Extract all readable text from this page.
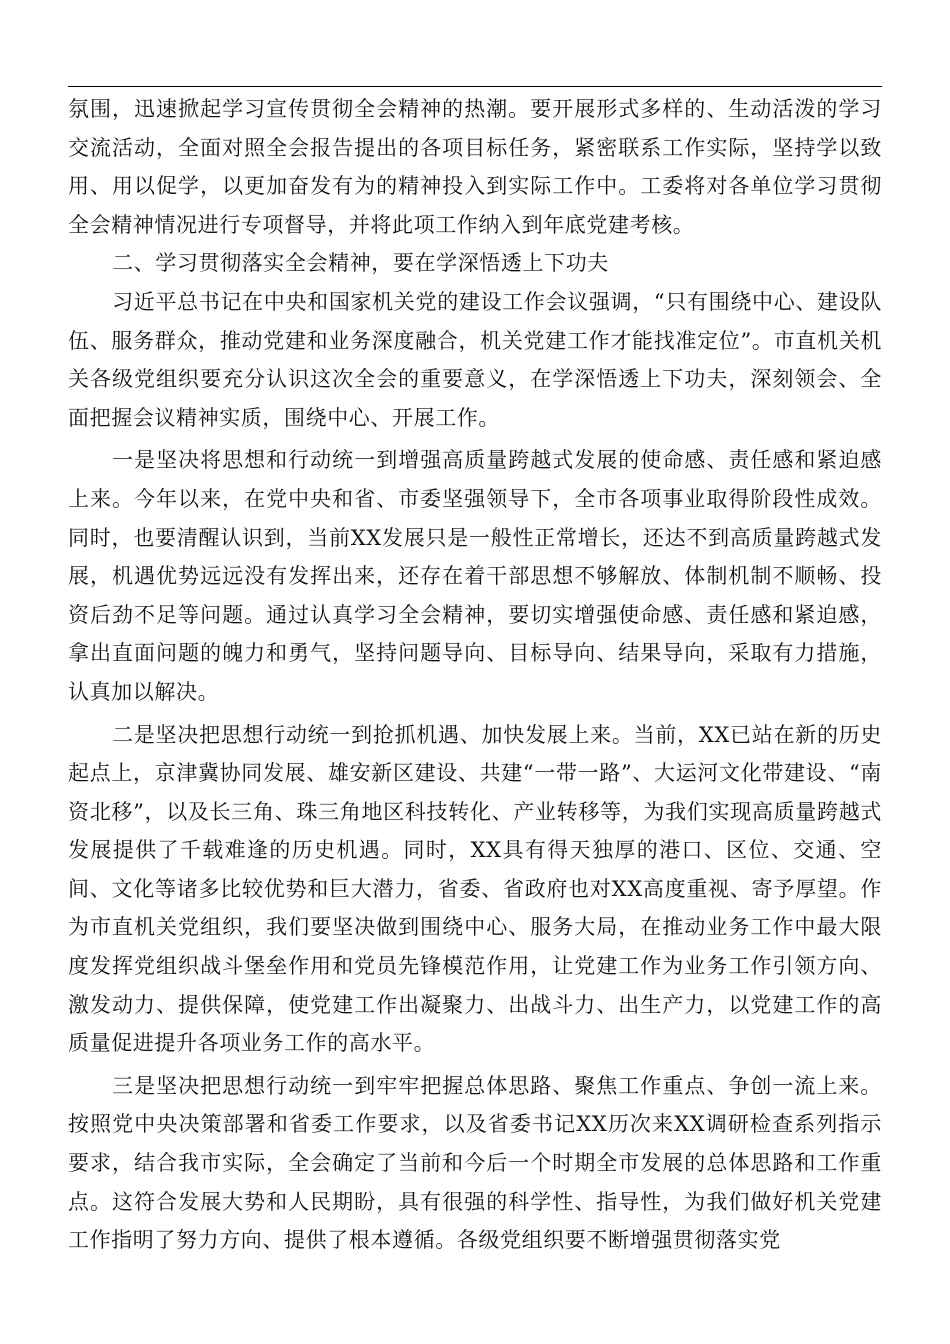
氛围，迅速掀起学习宣传贯彻全会精神的热潮。要开展形式多样的、生动活泼的学习交流活动，全面对照全会报告提出的各项目标任务，紧密联系工作实际，坚持学以致用、用以促学，以更加奋发有为的精神投入到实际工作中。工委将对各单位学习贯彻全会精神情况进行专项督导，并将此项工作纳入到年底党建考核。

二、学习贯彻落实全会精神，要在学深悟透上下功夫

习近平总书记在中央和国家机关党的建设工作会议强调，“只有围绕中心、建设队伍、服务群众，推动党建和业务深度融合，机关党建工作才能找准定位”。市直机关机关各级党组织要充分认识这次全会的重要意义，在学深悟透上下功夫，深刻领会、全面把握会议精神实质，围绕中心、开展工作。

一是坚决将思想和行动统一到增强高质量跨越式发展的使命感、责任感和紧迫感上来。今年以来，在党中央和省、市委坚强领导下，全市各项事业取得阶段性成效。同时，也要清醒认识到，当前XX发展只是一般性正常增长，还达不到高质量跨越式发展，机遇优势远远没有发挥出来，还存在着干部思想不够解放、体制机制不顺畅、投资后劲不足等问题。通过认真学习全会精神，要切实增强使命感、责任感和紧迫感，拿出直面问题的魄力和勇气，坚持问题导向、目标导向、结果导向，采取有力措施，认真加以解决。

二是坚决把思想行动统一到抢抓机遇、加快发展上来。当前，XX已站在新的历史起点上，京津冀协同发展、雄安新区建设、共建“一带一路”、大运河文化带建设、“南资北移”，以及长三角、珠三角地区科技转化、产业转移等，为我们实现高质量跨越式发展提供了千载难逢的历史机遇。同时，XX具有得天独厚的港口、区位、交通、空间、文化等诸多比较优势和巨大潜力，省委、省政府也对XX高度重视、寄予厚望。作为市直机关党组织，我们要坚决做到围绕中心、服务大局，在推动业务工作中最大限度发挥党组织战斗堡垒作用和党员先锋模范作用，让党建工作为业务工作引领方向、激发动力、提供保障，使党建工作出凝聚力、出战斗力、出生产力，以党建工作的高质量促进提升各项业务工作的高水平。

三是坚决把思想行动统一到牢牢把握总体思路、聚焦工作重点、争创一流上来。按照党中央决策部署和省委工作要求，以及省委书记XX历次来XX调研检查系列指示要求，结合我市实际，全会确定了当前和今后一个时期全市发展的总体思路和工作重点。这符合发展大势和人民期盼，具有很强的科学性、指导性，为我们做好机关党建工作指明了努力方向、提供了根本遵循。各级党组织要不断增强贯彻落实党
